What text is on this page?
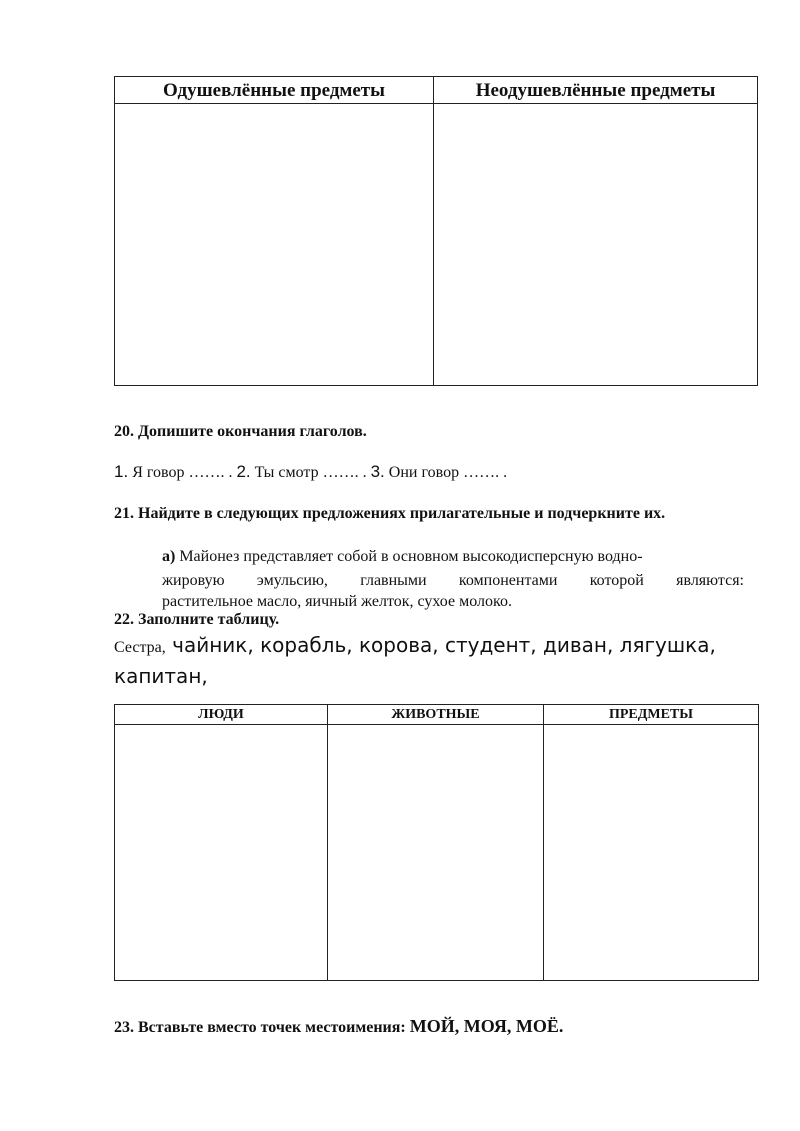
Одушевлённые предметы	Неодушевлённые предметы
20. Допишите окончания глаголов.
1. Я говор ……. . 2. Ты смотр ……. . 3. Они говор ……. .
21. Найдите в следующих предложениях прилагательные и подчеркните их.
а) Майонез представляет собой в основном высокодисперсную водно-
жировую эмульсию, главными компонентами которой являются:
растительное масло, яичный желток, сухое молоко.
22. Заполните таблицу.
Сестра, чайник, корабль, корова, студент, диван, лягушка,
капитан,
ЛЮДИ	ЖИВОТНЫЕ	ПРЕДМЕТЫ
23. Вставьте вместо точек местоимения: МОЙ, МОЯ, МОЁ.
